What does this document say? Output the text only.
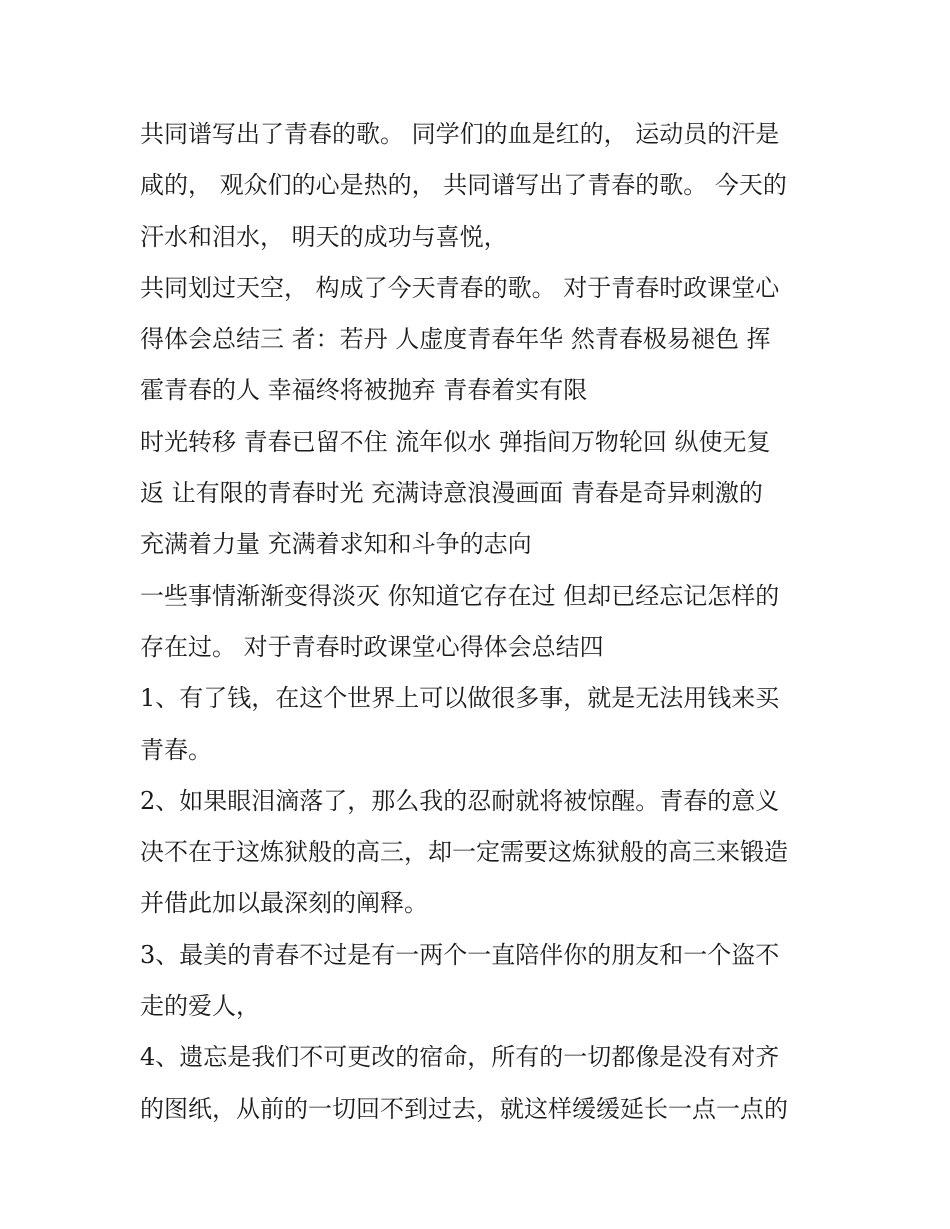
共同谱写出了青春的歌。 同学们的血是红的， 运动员的汗是
咸的， 观众们的心是热的， 共同谱写出了青春的歌。 今天的
汗水和泪水， 明天的成功与喜悦，
共同划过天空， 构成了今天青春的歌。 对于青春时政课堂心
得体会总结三 者：若丹 人虚度青春年华 然青春极易褪色 挥
霍青春的人 幸福终将被抛弃 青春着实有限
时光转移 青春已留不住 流年似水 弹指间万物轮回 纵使无复
返 让有限的青春时光 充满诗意浪漫画面 青春是奇异刺激的
充满着力量 充满着求知和斗争的志向
一些事情渐渐变得淡灭 你知道它存在过 但却已经忘记怎样的
存在过。 对于青春时政课堂心得体会总结四
1、有了钱，在这个世界上可以做很多事，就是无法用钱来买
青春。
2、如果眼泪滴落了，那么我的忍耐就将被惊醒。青春的意义
决不在于这炼狱般的高三，却一定需要这炼狱般的高三来锻造
并借此加以最深刻的阐释。
3、最美的青春不过是有一两个一直陪伴你的朋友和一个盗不
走的爱人，
4、遗忘是我们不可更改的宿命，所有的一切都像是没有对齐
的图纸，从前的一切回不到过去，就这样缓缓延长一点一点的
